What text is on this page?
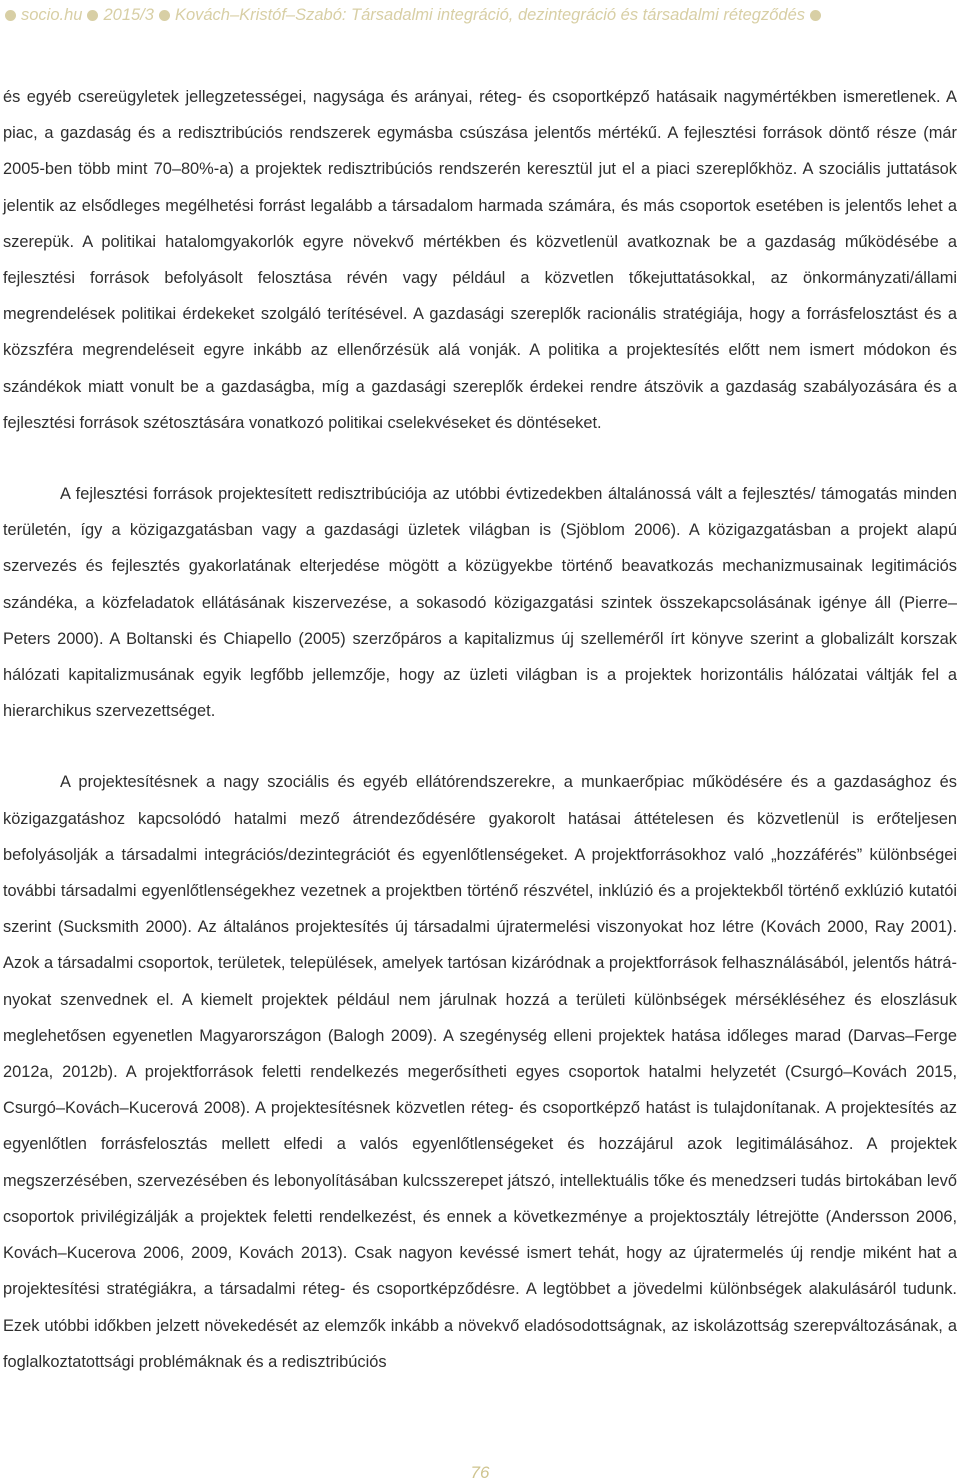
socio.hu 2015/3 Kovách–Kristóf–Szabó: Társadalmi integráció, dezintegráció és társadalmi rétegződés

és egyéb csereügyletek jellegzetességei, nagysága és arányai, réteg- és csoportképző hatásaik nagymértékben ismeretlenek. A piac, a gazdaság és a redisztribúciós rendszerek egymásba csúszása jelentős mértékű. A fejlesztési források döntő része (már 2005-ben több mint 70–80%-a) a projektek redisztribúciós rendszerén keresztül jut el a piaci szereplőkhöz. A szociális juttatások jelentik az elsődleges megélhetési forrást legalább a társadalom harmada számára, és más csoportok esetében is jelentős lehet a szerepük. A politikai hatalomgyakorlók egyre növekvő mértékben és közvetlenül avatkoznak be a gazdaság működésébe a fejlesztési források befolyásolt felosztása révén vagy például a közvetlen tőkejuttatásokkal, az önkormányzati/állami megrendelések politikai érdekeket szolgáló terítésével. A gazdasági szereplők racionális stratégiája, hogy a forrásfelosztást és a közszféra megrendeléseit egyre inkább az ellenőrzésük alá vonják. A politika a projektesítés előtt nem ismert módokon és szándékok miatt vonult be a gazdaságba, míg a gazdasági szereplők érdekei rendre átszövik a gazdaság szabályozására és a fejlesztési források szétosztására vonatkozó politikai cselekvéseket és döntéseket.

A fejlesztési források projektesített redisztribúciója az utóbbi évtizedekben általánossá vált a fejlesztés/ támogatás minden területén, így a közigazgatásban vagy a gazdasági üzletek világban is (Sjöblom 2006). A közigazgatásban a projekt alapú szervezés és fejlesztés gyakorlatának elterjedése mögött a közügyekbe történő beavatkozás mechanizmusainak legitimációs szándéka, a közfeladatok ellátásának kiszervezése, a sokasodó közigazgatási szintek összekapcsolásának igénye áll (Pierre–Peters 2000). A Boltanski és Chiapello (2005) szerzőpáros a kapitalizmus új szelleméről írt könyve szerint a globalizált korszak hálózati kapitalizmusának egyik legfőbb jellemzője, hogy az üzleti világban is a projektek horizontális hálózatai váltják fel a hierarchikus szervezettséget.

A projektesítésnek a nagy szociális és egyéb ellátórendszerekre, a munkaerőpiac működésére és a gazdasághoz és közigazgatáshoz kapcsolódó hatalmi mező átrendeződésére gyakorolt hatásai áttételesen és közvetlenül is erőteljesen befolyásolják a társadalmi integrációs/dezintegrációt és egyenlőtlenségeket. A projektforrásokhoz való „hozzáférés” különbségei további társadalmi egyenlőtlenségekhez vezetnek a projektben történő részvétel, inklúzió és a projektekből történő exklúzió kutatói szerint (Sucksmith 2000). Az általános projektesítés új társadalmi újratermelési viszonyokat hoz létre (Kovách 2000, Ray 2001). Azok a társadalmi csoportok, területek, települések, amelyek tartósan kizáródnak a projektforrások felhasználásából, jelentős hátrányokat szenvednek el. A kiemelt projektek például nem járulnak hozzá a területi különbségek mérsékléséhez és eloszlásuk meglehetősen egyenetlen Magyarországon (Balogh 2009). A szegénység elleni projektek hatása időleges marad (Darvas–Ferge 2012a, 2012b). A projektforrások feletti rendelkezés megerősítheti egyes csoportok hatalmi helyzetét (Csurgó–Kovách 2015, Csurgó–Kovách–Kucerová 2008). A projektesítésnek közvetlen réteg- és csoportképző hatást is tulajdonítanak. A projektesítés az egyenlőtlen forrásfelosztás mellett elfedi a valós egyenlőtlenségeket és hozzájárul azok legitimálásához. A projektek megszerzésében, szervezésében és lebonyolításában kulcsszerepet játszó, intellektuális tőke és menedzseri tudás birtokában levő csoportok privilégizálják a projektek feletti rendelkezést, és ennek a következménye a projektosztály létrejötte (Andersson 2006, Kovách–Kucerova 2006, 2009, Kovách 2013). Csak nagyon kevéssé ismert tehát, hogy az újratermelés új rendje miként hat a projektesítési stratégiákra, a társadalmi réteg- és csoportképződésre. A legtöbbet a jövedelmi különbségek alakulásáról tudunk. Ezek utóbbi időkben jelzett növekedését az elemzők inkább a növekvő eladósodottságnak, az iskolázottság szerepváltozásának, a foglalkoztatottsági problémáknak és a redisztribúciós

76
